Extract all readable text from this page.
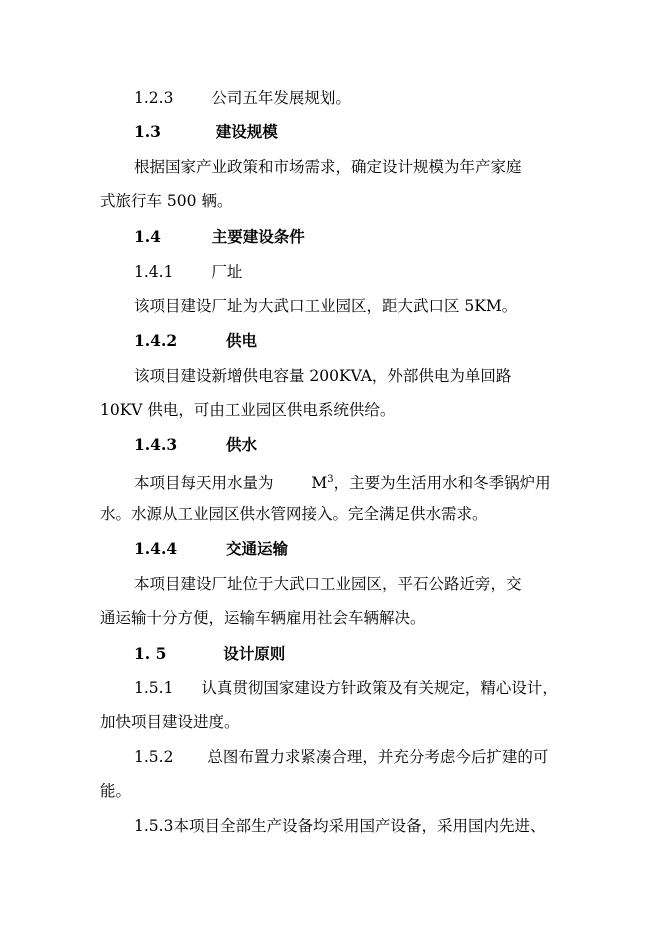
1.2.3 公司五年发展规划。
1.3	建设规模
根据国家产业政策和市场需求，确定设计规模为年产家庭
式旅行车 500 辆。
1.4	主要建设条件
1.4.1 厂址
该项目建设厂址为大武口工业园区，距大武口区 5KM。
1.4.2	供电
该项目建设新增供电容量 200KVA，外部供电为单回路
10KV 供电，可由工业园区供电系统供给。
1.4.3	供水
本项目每天用水量为 $M^3$，主要为生活用水和冬季锅炉用
水。水源从工业园区供水管网接入。完全满足供水需求。
1.4.4	交通运输
本项目建设厂址位于大武口工业园区，平石公路近旁，交
通运输十分方便，运输车辆雇用社会车辆解决。
1. 5	设计原则
1.5.1 认真贯彻国家建设方针政策及有关规定，精心设计，
加快项目建设进度。
1.5.2 总图布置力求紧凑合理，并充分考虑今后扩建的可
能。
1.5.3本项目全部生产设备均采用国产设备，采用国内先进、
